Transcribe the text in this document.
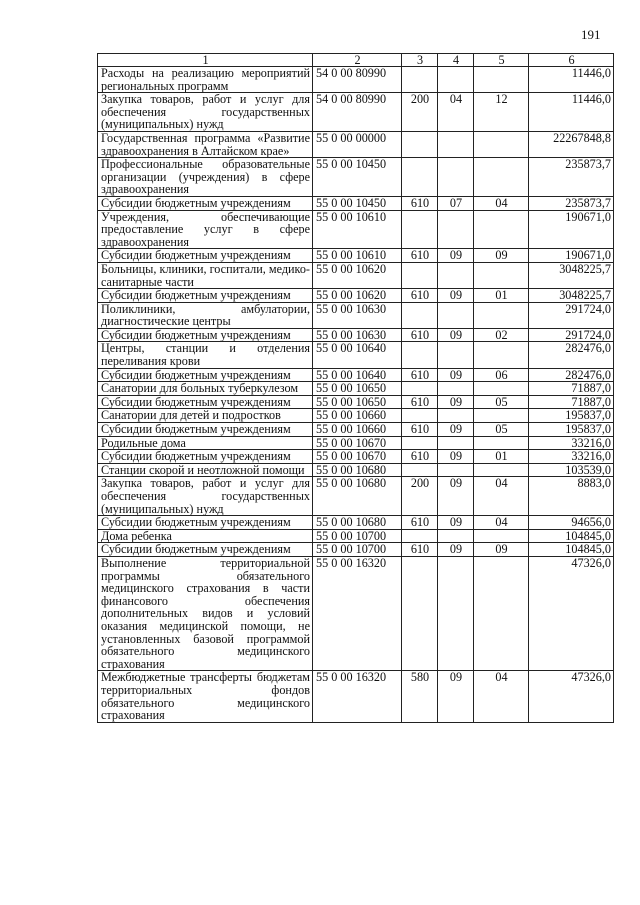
191
1	2	3	4	5	6
Расходы на реализацию мероприятий региональных программ	54 0 00 80990				11446,0
Закупка товаров, работ и услуг для обеспечения государственных (муниципальных) нужд	54 0 00 80990	200	04	12	11446,0
Государственная программа «Развитие здравоохранения в Алтайском крае»	55 0 00 00000				22267848,8
Профессиональные образовательные организации (учреждения) в сфере здравоохранения	55 0 00 10450				235873,7
Субсидии бюджетным учреждениям	55 0 00 10450	610	07	04	235873,7
Учреждения, обеспечивающие предоставление услуг в сфере здравоохранения	55 0 00 10610				190671,0
Субсидии бюджетным учреждениям	55 0 00 10610	610	09	09	190671,0
Больницы, клиники, госпитали, медико-санитарные части	55 0 00 10620				3048225,7
Субсидии бюджетным учреждениям	55 0 00 10620	610	09	01	3048225,7
Поликлиники, амбулатории, диагностические центры	55 0 00 10630				291724,0
Субсидии бюджетным учреждениям	55 0 00 10630	610	09	02	291724,0
Центры, станции и отделения переливания крови	55 0 00 10640				282476,0
Субсидии бюджетным учреждениям	55 0 00 10640	610	09	06	282476,0
Санатории для больных туберкулезом	55 0 00 10650				71887,0
Субсидии бюджетным учреждениям	55 0 00 10650	610	09	05	71887,0
Санатории для детей и подростков	55 0 00 10660				195837,0
Субсидии бюджетным учреждениям	55 0 00 10660	610	09	05	195837,0
Родильные дома	55 0 00 10670				33216,0
Субсидии бюджетным учреждениям	55 0 00 10670	610	09	01	33216,0
Станции скорой и неотложной помощи	55 0 00 10680				103539,0
Закупка товаров, работ и услуг для обеспечения государственных (муниципальных) нужд	55 0 00 10680	200	09	04	8883,0
Субсидии бюджетным учреждениям	55 0 00 10680	610	09	04	94656,0
Дома ребенка	55 0 00 10700				104845,0
Субсидии бюджетным учреждениям	55 0 00 10700	610	09	09	104845,0
Выполнение территориальной программы обязательного медицинского страхования в части финансового обеспечения дополнительных видов и условий оказания медицинской помощи, не установленных базовой программой обязательного медицинского страхования	55 0 00 16320				47326,0
Межбюджетные трансферты бюджетам территориальных фондов обязательного медицинского страхования	55 0 00 16320	580	09	04	47326,0
